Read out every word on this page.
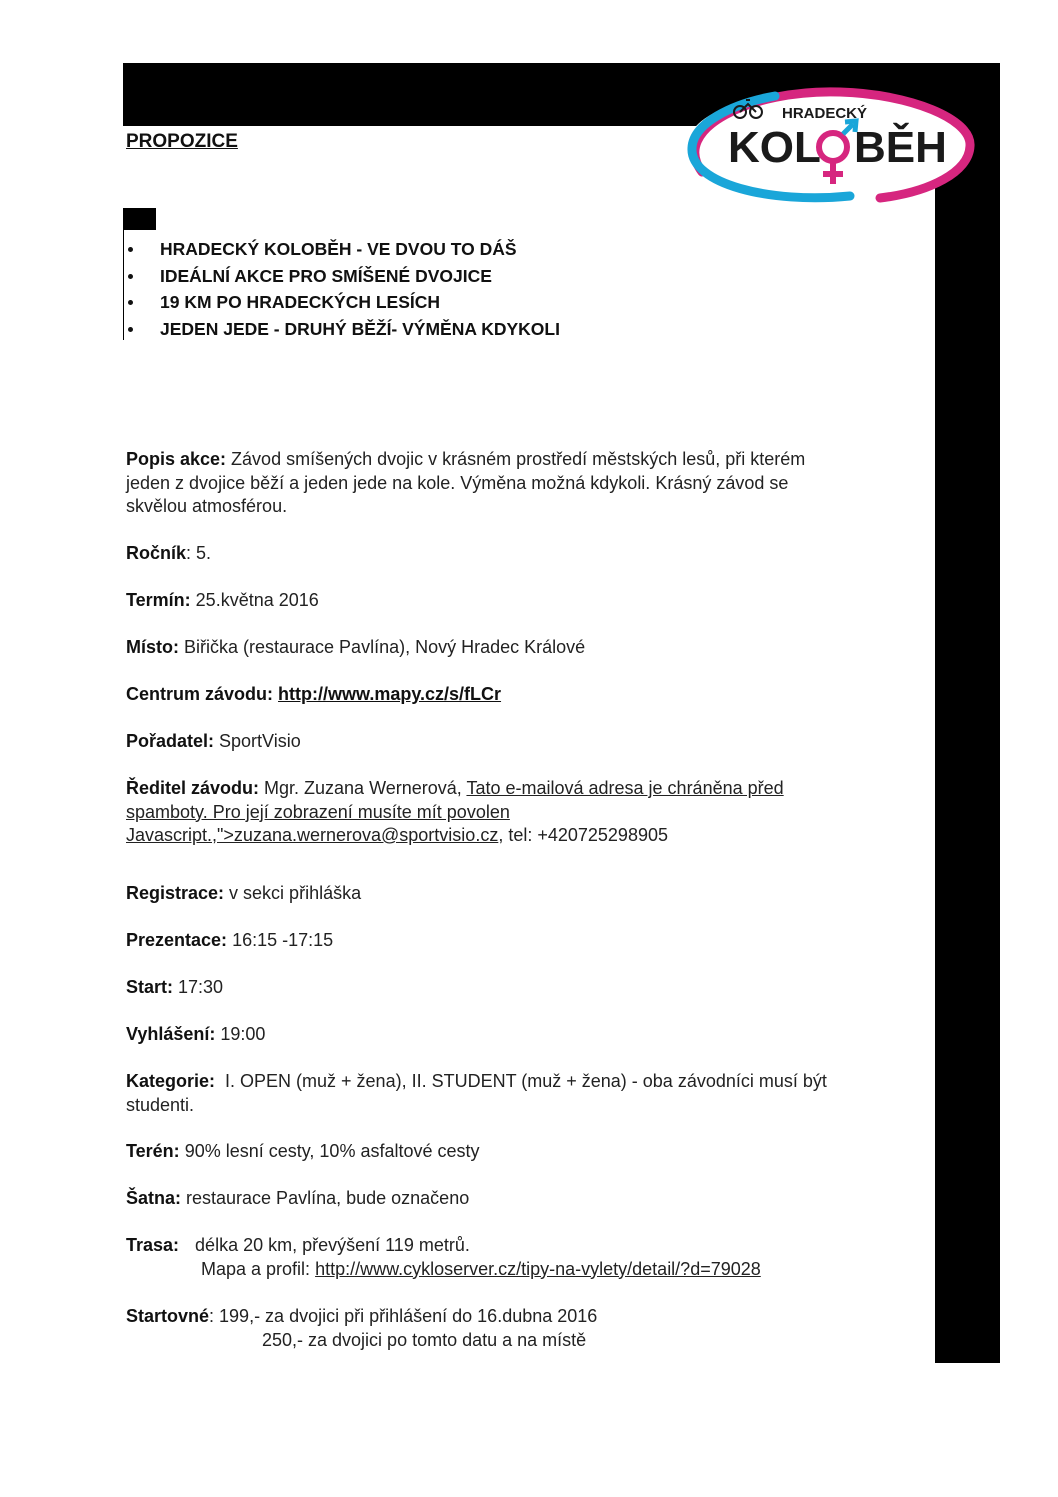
HRADECKÝ
KOL BĚH
PROPOZICE
HRADECKÝ KOLOBĚH - VE DVOU TO DÁŠ
IDEÁLNÍ AKCE PRO SMÍŠENÉ DVOJICE
19 KM PO HRADECKÝCH LESÍCH
JEDEN JEDE - DRUHÝ BĚŽÍ- VÝMĚNA KDYKOLI
Popis akce: Závod smíšených dvojic v krásném prostředí městských lesů, při kterém
jeden z dvojice běží a jeden jede na kole. Výměna možná kdykoli. Krásný závod se
skvělou atmosférou.
Ročník: 5.
Termín: 25.května 2016
Místo: Biřička (restaurace Pavlína), Nový Hradec Králové
Centrum závodu: http://www.mapy.cz/s/fLCr
Pořadatel: SportVisio
Ředitel závodu: Mgr. Zuzana Wernerová, Tato e-mailová adresa je chráněna před
spamboty. Pro její zobrazení musíte mít povolen
Javascript.,">zuzana.wernerova@sportvisio.cz, tel: +420725298905
Registrace: v sekci přihláška
Prezentace: 16:15 -17:15
Start: 17:30
Vyhlášení: 19:00
Kategorie:  I. OPEN (muž + žena), II. STUDENT (muž + žena) - oba závodníci musí být
studenti.
Terén: 90% lesní cesty, 10% asfaltové cesty
Šatna: restaurace Pavlína, bude označeno
Trasa: délka 20 km, převýšení 119 metrů.
Mapa a profil: http://www.cykloserver.cz/tipy-na-vylety/detail/?d=79028
Startovné: 199,- za dvojici při přihlášení do 16.dubna 2016
250,- za dvojici po tomto datu a na místě
